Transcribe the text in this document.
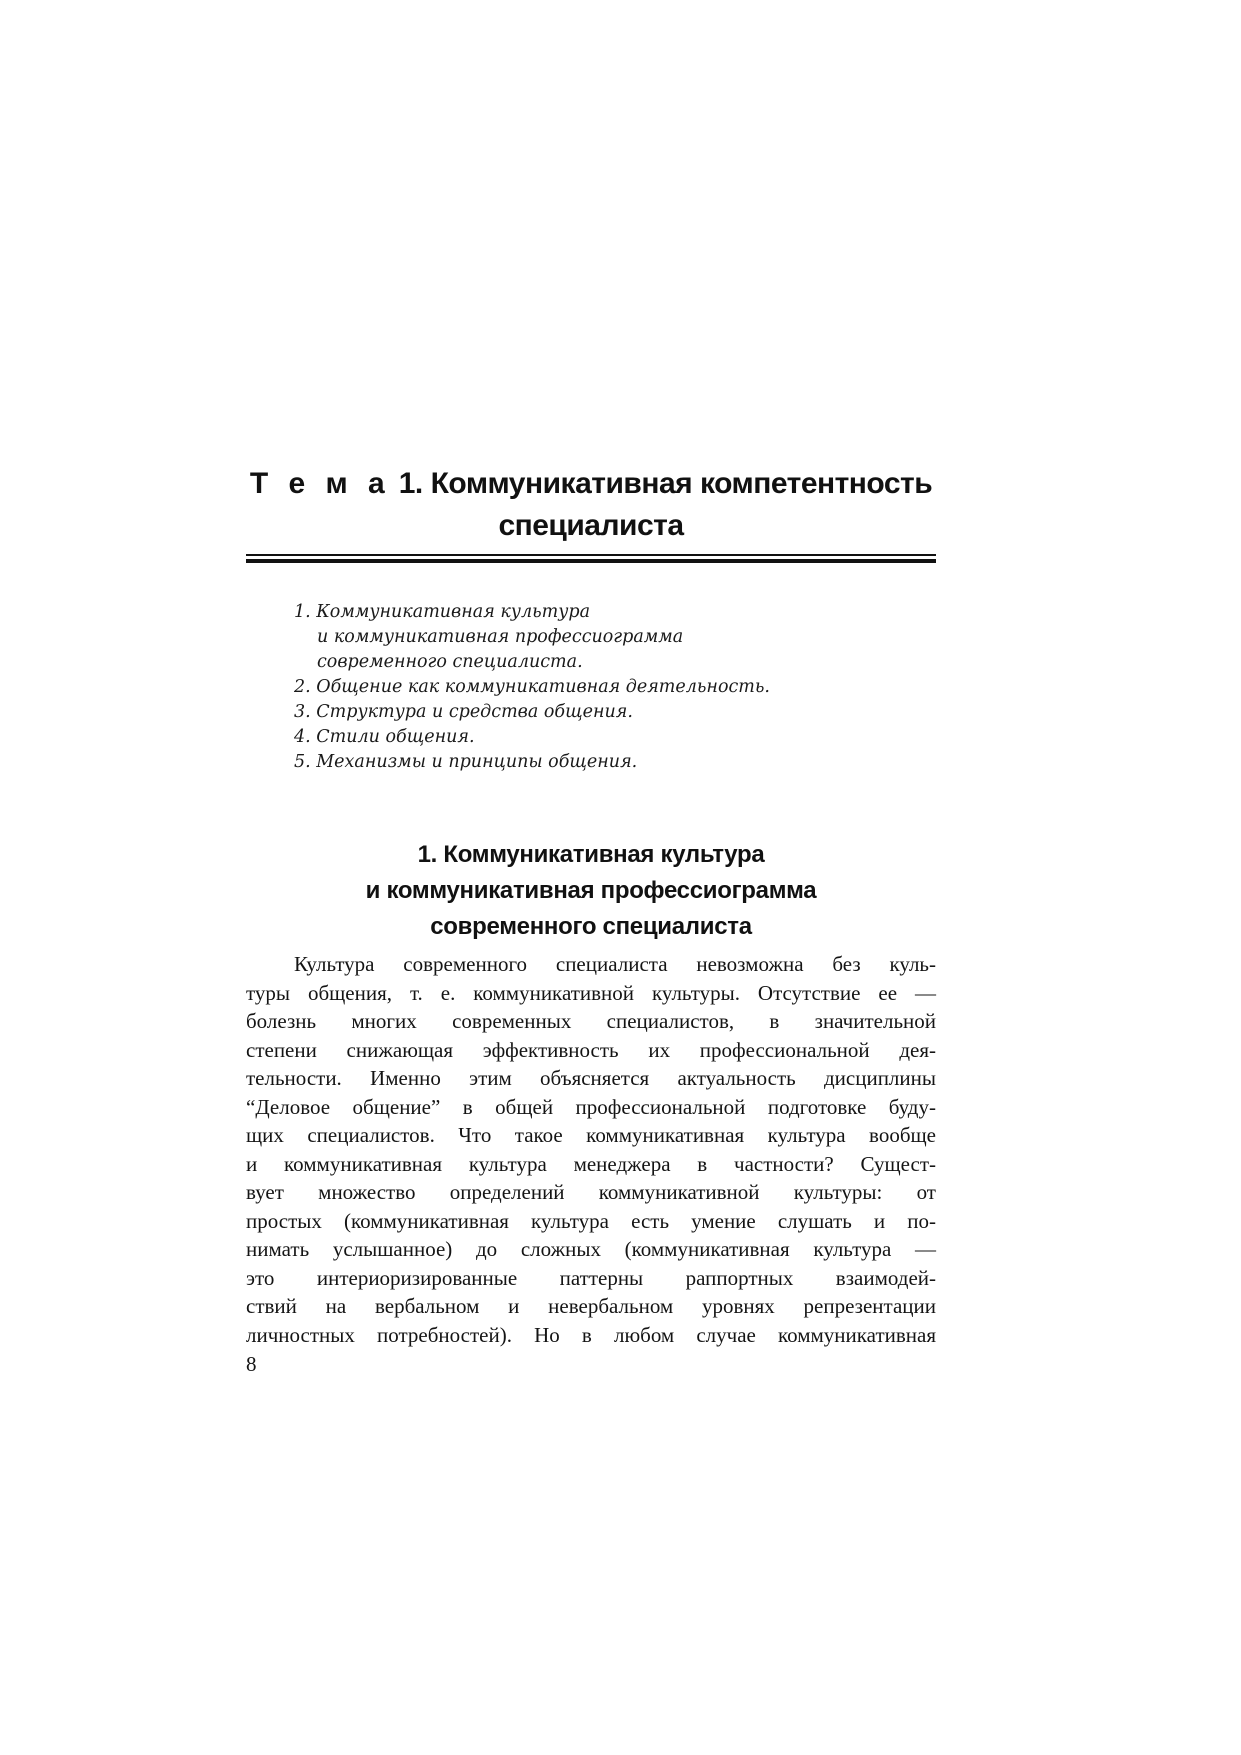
Т е м а 1. Коммуникативная компетентность
специалиста
1. Коммуникативная культура
и коммуникативная профессиограмма
современного специалиста.
2. Общение как коммуникативная деятельность.
3. Структура и средства общения.
4. Стили общения.
5. Механизмы и принципы общения.
1. Коммуникативная культура
и коммуникативная профессиограмма
современного специалиста
Культура современного специалиста невозможна без куль-
туры общения, т. е. коммуникативной культуры. Отсутствие ее —
болезнь многих современных специалистов, в значительной
степени снижающая эффективность их профессиональной дея-
тельности. Именно этим объясняется актуальность дисциплины
“Деловое общение” в общей профессиональной подготовке буду-
щих специалистов. Что такое коммуникативная культура вообще
и коммуникативная культура менеджера в частности? Сущест-
вует множество определений коммуникативной культуры: от
простых (коммуникативная культура есть умение слушать и по-
нимать услышанное) до сложных (коммуникативная культура —
это интериоризированные паттерны раппортных взаимодей-
ствий на вербальном и невербальном уровнях репрезентации
личностных потребностей). Но в любом случае коммуникативная
8
